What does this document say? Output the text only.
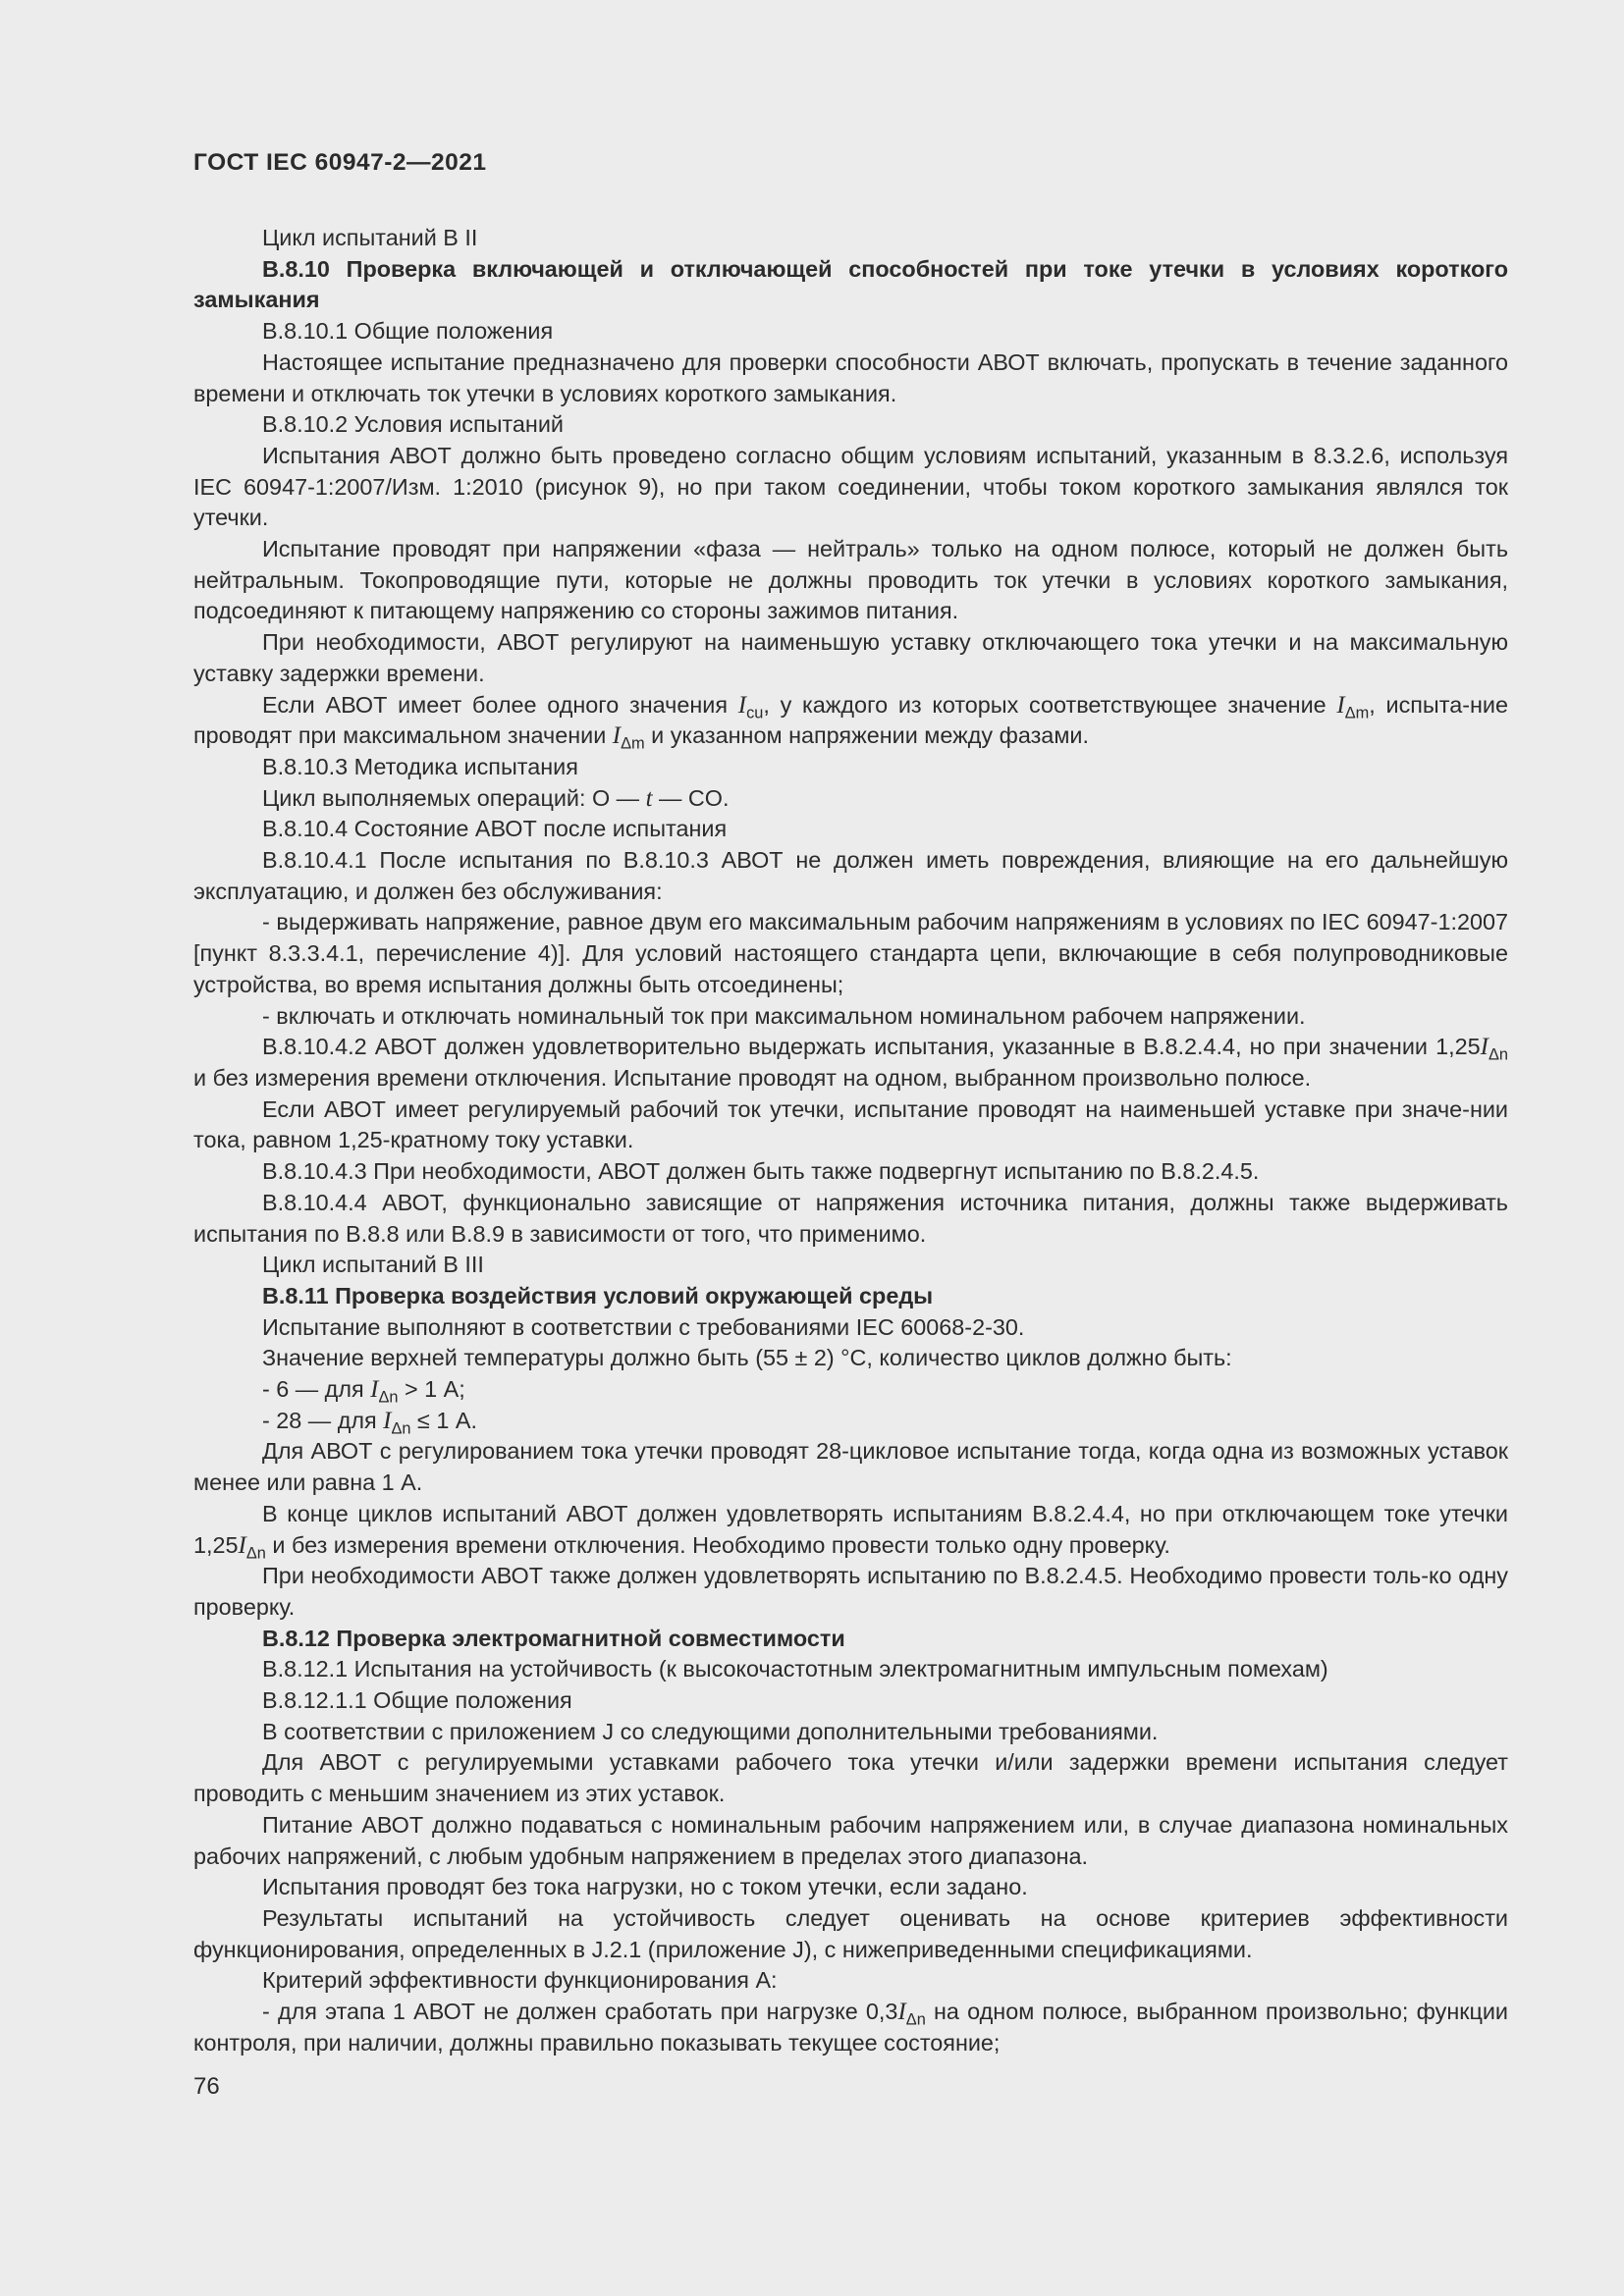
ГОСТ IEC 60947-2—2021

Цикл испытаний B II

B.8.10 Проверка включающей и отключающей способностей при токе утечки в условиях короткого замыкания

B.8.10.1 Общие положения

Настоящее испытание предназначено для проверки способности АВОТ включать, пропускать в течение заданного времени и отключать ток утечки в условиях короткого замыкания.

B.8.10.2 Условия испытаний

Испытания АВОТ должно быть проведено согласно общим условиям испытаний, указанным в 8.3.2.6, используя IEC 60947-1:2007/Изм. 1:2010 (рисунок 9), но при таком соединении, чтобы током короткого замыкания являлся ток утечки.

Испытание проводят при напряжении «фаза — нейтраль» только на одном полюсе, который не должен быть нейтральным. Токопроводящие пути, которые не должны проводить ток утечки в условиях короткого замыкания, подсоединяют к питающему напряжению со стороны зажимов питания.

При необходимости, АВОТ регулируют на наименьшую уставку отключающего тока утечки и на максимальную уставку задержки времени.

Если АВОТ имеет более одного значения $I_{cu}$, у каждого из которых соответствующее значение $I_{\Delta m}$, испыта-ние проводят при максимальном значении $I_{\Delta m}$ и указанном напряжении между фазами.

B.8.10.3 Методика испытания

Цикл выполняемых операций: O — t — CO.

B.8.10.4 Состояние АВОТ после испытания

B.8.10.4.1 После испытания по B.8.10.3 АВОТ не должен иметь повреждения, влияющие на его дальнейшую эксплуатацию, и должен без обслуживания:

- выдерживать напряжение, равное двум его максимальным рабочим напряжениям в условиях по IEC 60947-1:2007 [пункт 8.3.3.4.1, перечисление 4)]. Для условий настоящего стандарта цепи, включающие в себя полупроводниковые устройства, во время испытания должны быть отсоединены;

- включать и отключать номинальный ток при максимальном номинальном рабочем напряжении.

B.8.10.4.2 АВОТ должен удовлетворительно выдержать испытания, указанные в B.8.2.4.4, но при значении $1,25I_{\Delta n}$ и без измерения времени отключения. Испытание проводят на одном, выбранном произвольно полюсе.

Если АВОТ имеет регулируемый рабочий ток утечки, испытание проводят на наименьшей уставке при значе-нии тока, равном 1,25-кратному току уставки.

B.8.10.4.3 При необходимости, АВОТ должен быть также подвергнут испытанию по B.8.2.4.5.

B.8.10.4.4 АВОТ, функционально зависящие от напряжения источника питания, должны также выдерживать испытания по B.8.8 или B.8.9 в зависимости от того, что применимо.

Цикл испытаний B III

B.8.11 Проверка воздействия условий окружающей среды

Испытание выполняют в соответствии с требованиями IEC 60068-2-30.

Значение верхней температуры должно быть (55 ± 2) °C, количество циклов должно быть:

- 6 — для $I_{\Delta n} > 1$ А;

- 28 — для $I_{\Delta n} \le 1$ А.

Для АВОТ с регулированием тока утечки проводят 28-цикловое испытание тогда, когда одна из возможных уставок менее или равна 1 А.

В конце циклов испытаний АВОТ должен удовлетворять испытаниям B.8.2.4.4, но при отключающем токе утечки $1,25I_{\Delta n}$ и без измерения времени отключения. Необходимо провести только одну проверку.

При необходимости АВОТ также должен удовлетворять испытанию по B.8.2.4.5. Необходимо провести толь-ко одну проверку.

B.8.12 Проверка электромагнитной совместимости

B.8.12.1 Испытания на устойчивость (к высокочастотным электромагнитным импульсным помехам)

B.8.12.1.1 Общие положения

В соответствии с приложением J со следующими дополнительными требованиями.

Для АВОТ с регулируемыми уставками рабочего тока утечки и/или задержки времени испытания следует проводить с меньшим значением из этих уставок.

Питание АВОТ должно подаваться с номинальным рабочим напряжением или, в случае диапазона номинальных рабочих напряжений, с любым удобным напряжением в пределах этого диапазона.

Испытания проводят без тока нагрузки, но с током утечки, если задано.

Результаты испытаний на устойчивость следует оценивать на основе критериев эффективности функционирования, определенных в J.2.1 (приложение J), с нижеприведенными спецификациями.

Критерий эффективности функционирования A:

- для этапа 1 АВОТ не должен сработать при нагрузке $0,3I_{\Delta n}$ на одном полюсе, выбранном произвольно; функции контроля, при наличии, должны правильно показывать текущее состояние;

76
